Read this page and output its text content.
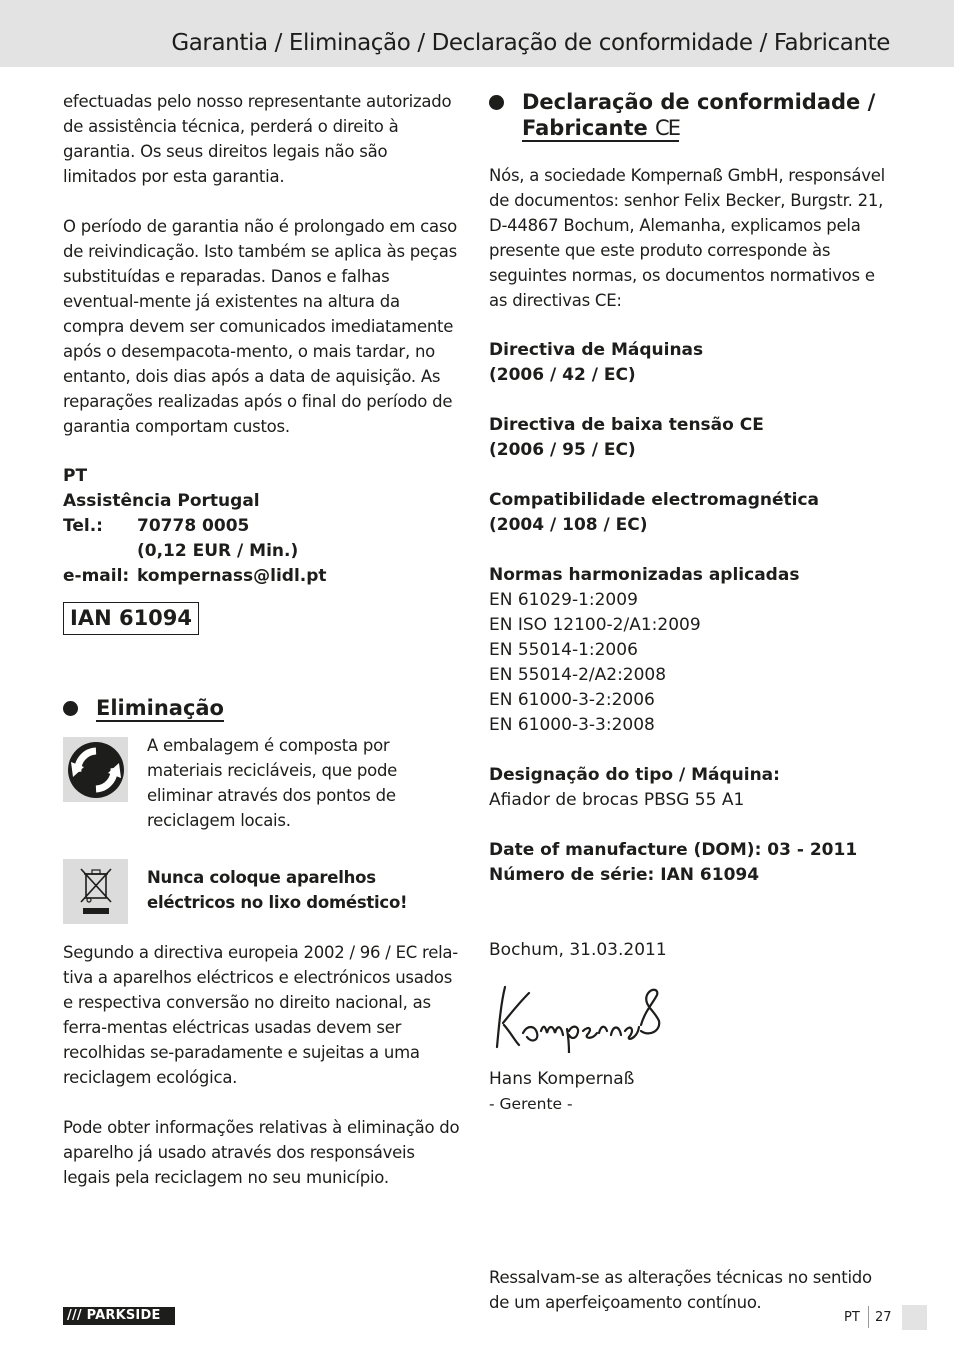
Garantia / Eliminação / Declaração de conformidade / Fabricante

efectuadas pelo nosso representante autorizado de assistência técnica, perderá o direito à garantia. Os seus direitos legais não são limitados por esta garantia.

O período de garantia não é prolongado em caso de reivindicação. Isto também se aplica às peças substituídas e reparadas. Danos e falhas eventual-mente já existentes na altura da compra devem ser comunicados imediatamente após o desempacota-mento, o mais tardar, no entanto, dois dias após a data de aquisição. As reparações realizadas após o final do período de garantia comportam custos.

PT
Assistência Portugal
Tel.:	70778 0005
(0,12 EUR / Min.)
e-mail: kompernass@lidl.pt
IAN 61094
Eliminação

A embalagem é composta por materiais recicláveis, que pode eliminar através dos pontos de reciclagem locais.

Nunca coloque aparelhos eléctricos no lixo doméstico!

Segundo a directiva europeia 2002 / 96 / EC rela-tiva a aparelhos eléctricos e electrónicos usados e respectiva conversão no direito nacional, as ferra-mentas eléctricas usadas devem ser recolhidas se-paradamente e sujeitas a uma reciclagem ecológica.

Pode obter informações relativas à eliminação do aparelho já usado através dos responsáveis legais pela reciclagem no seu município.

Declaração de conformidade /
Fabricante CE

Nós, a sociedade Kompernaß GmbH, responsável de documentos: senhor Felix Becker, Burgstr. 21, D-44867 Bochum, Alemanha, explicamos pela presente que este produto corresponde às seguintes normas, os documentos normativos e as directivas CE:

Directiva de Máquinas
(2006 / 42 / EC)
Directiva de baixa tensão CE
(2006 / 95 / EC)
Compatibilidade electromagnética
(2004 / 108 / EC)
Normas harmonizadas aplicadas
EN 61029-1:2009
EN ISO 12100-2/A1:2009
EN 55014-1:2006
EN 55014-2/A2:2008
EN 61000-3-2:2006
EN 61000-3-3:2008
Designação do tipo / Máquina:
Afiador de brocas PBSG 55 A1
Date of manufacture (DOM): 03 - 2011
Número de série: IAN 61094
Bochum, 31.03.2011
Hans Kompernaß
- Gerente -

Ressalvam-se as alterações técnicas no sentido de um aperfeiçoamento contínuo.

/// PARKSIDE	PT 27
